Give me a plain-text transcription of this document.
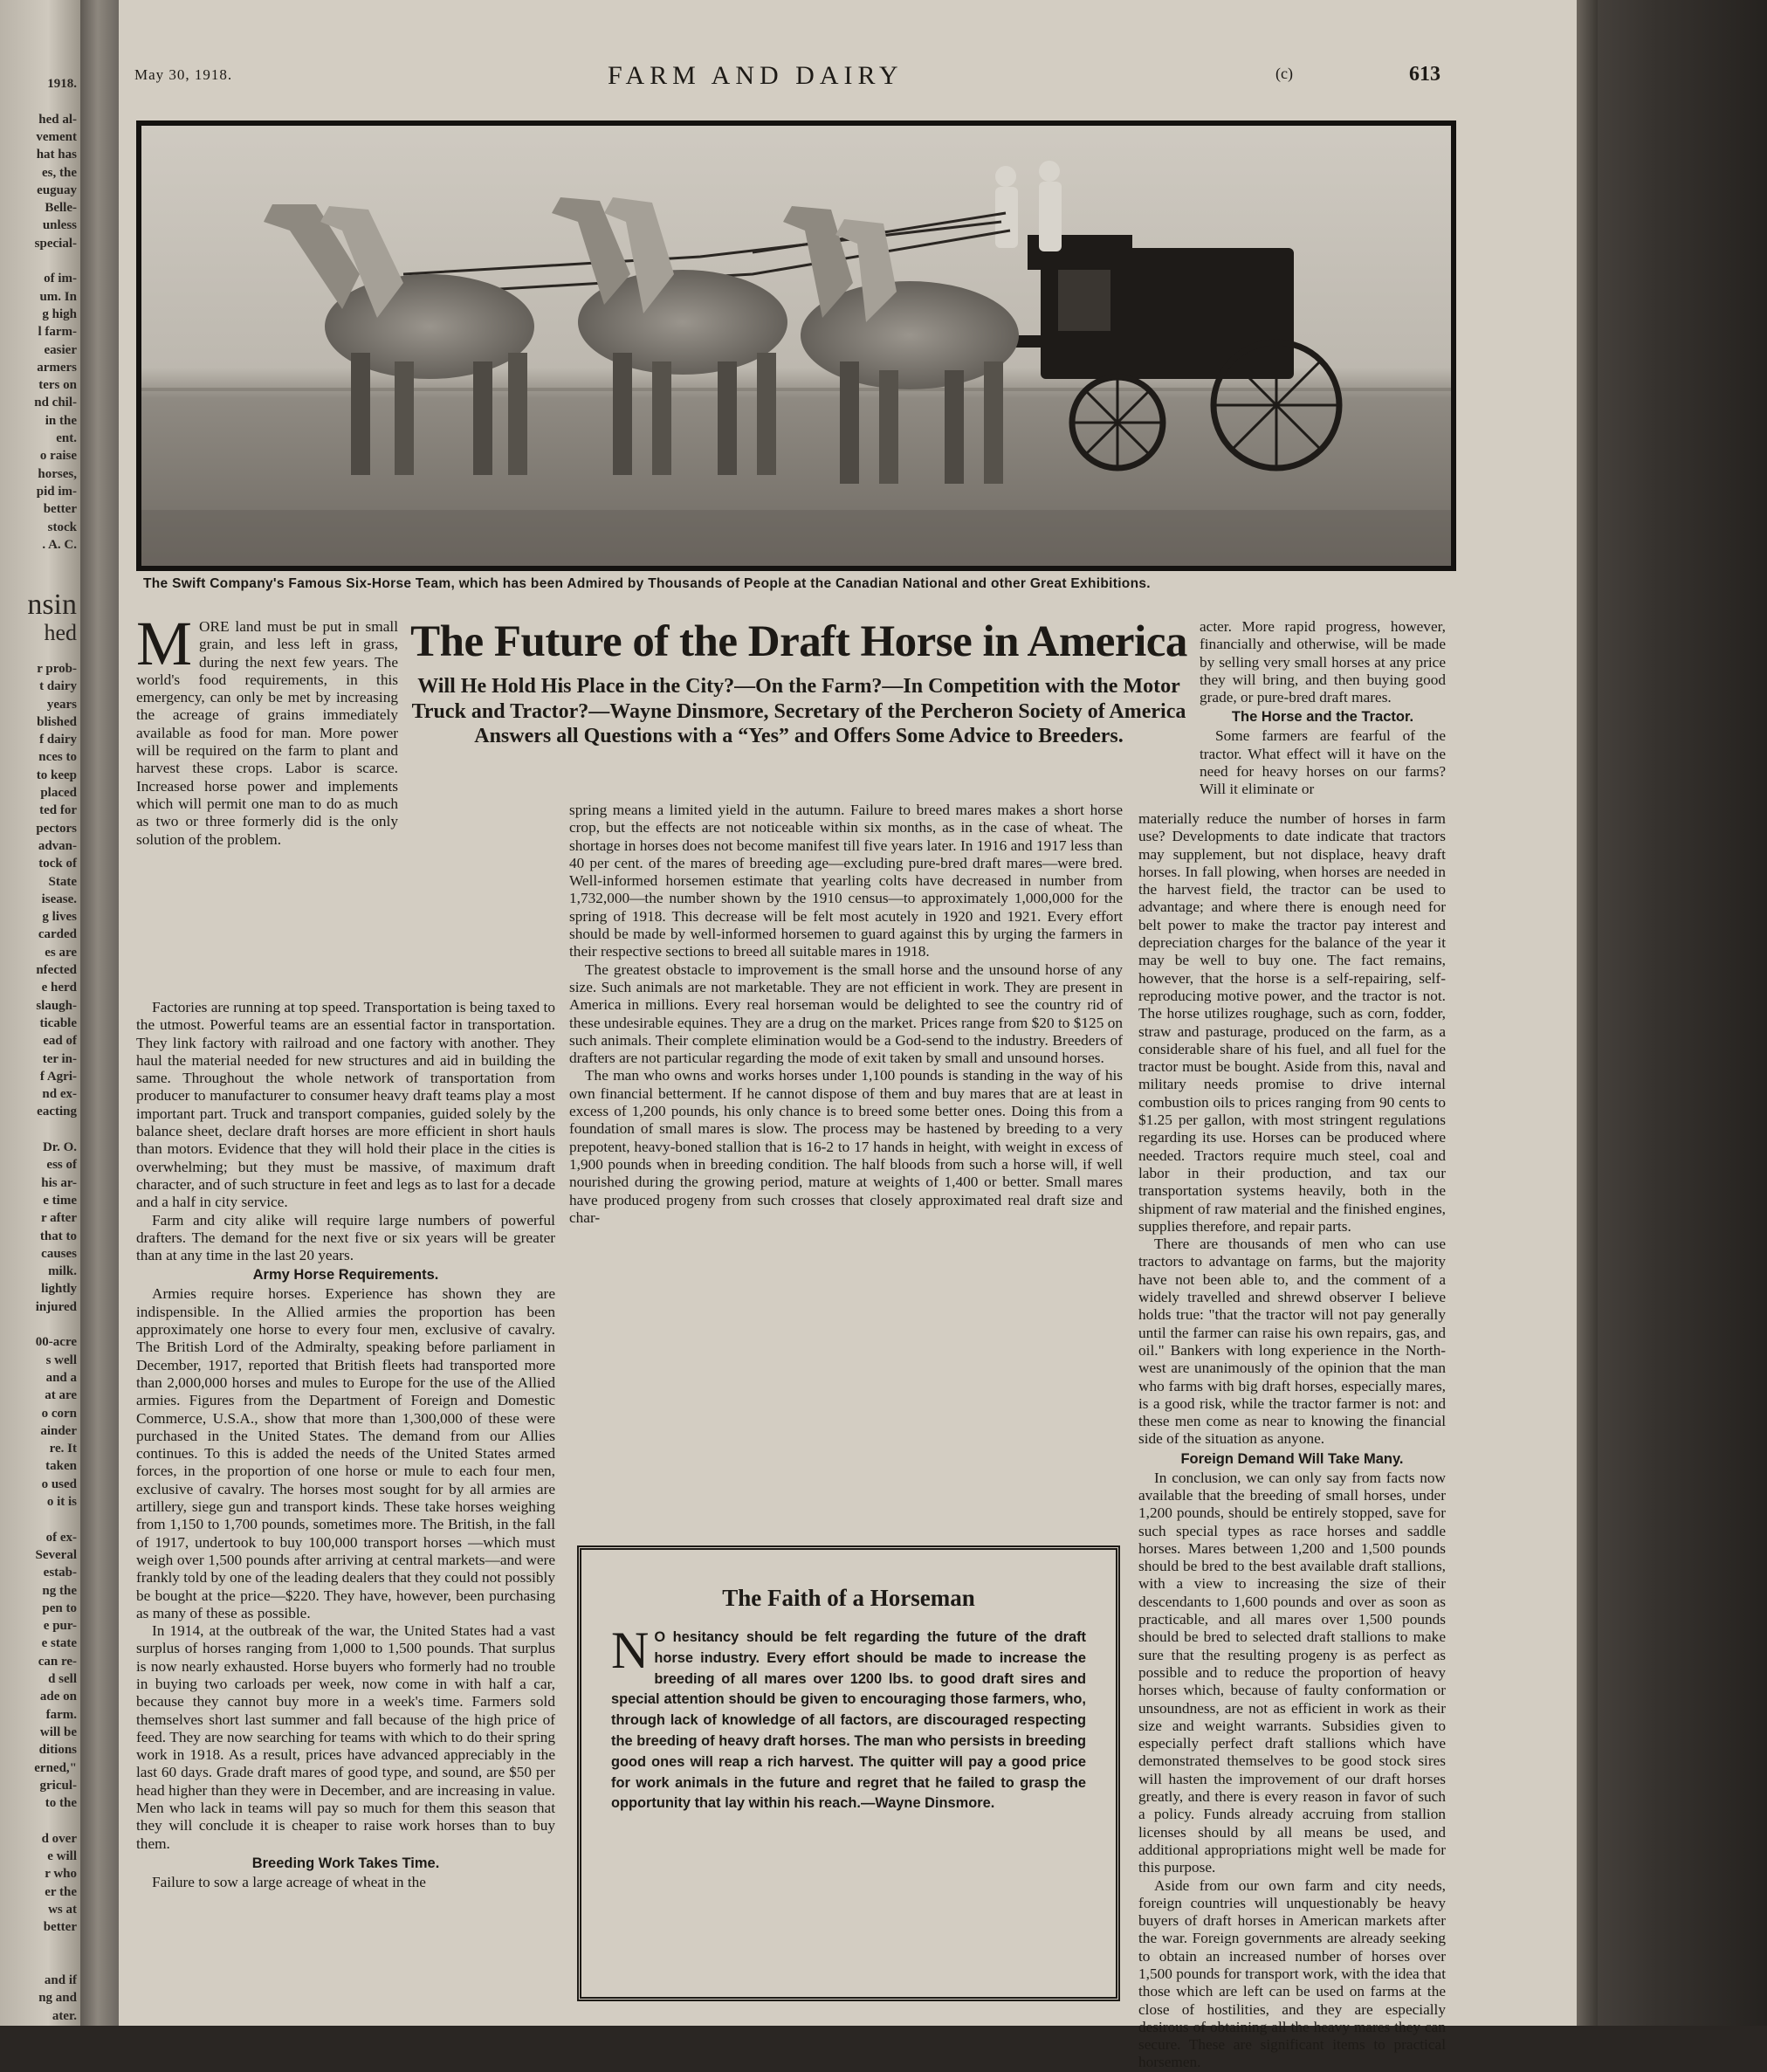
1918.
hed al-
vement
hat has
es, the
euguay
Belle-
unless
special-
of im-
um. In
g high
l farm-
easier
armers
ters on
nd chil-
in the
ent.
o raise
horses,
pid im-
better
stock
. A. C.
nsin
hed
r prob-
t dairy
years
blished
f dairy
nces to
to keep
placed
ted for
pectors
advan-
tock of
State
isease.
g lives
carded
es are
nfected
e herd
slaugh-
ticable
ead of
ter in-
f Agri-
nd ex-
eacting
Dr. O.
ess of
his ar-
e time
r after
that to
causes
milk.
lightly
injured
00-acre
s well
and a
at are
o corn
ainder
re. It
taken
o used
o it is
of ex-
Several
estab-
ng the
pen to
e pur-
e state
can re-
d sell
ade on
farm.
will be
ditions
erned,"
gricul-
to the
d over
e will
r who
er the
ws at
better
and if
ng and
ater.
May 30, 1918.	FARM AND DAIRY	(c)	613
The Swift Company's Famous Six-Horse Team, which has been Admired by Thousands of People at the Canadian National and other Great Exhibitions.

MORE land must be put in small grain, and less left in grass, during the next few years. The world's food requirements, in this emergency, can only be met by increasing the acreage of grains immediately available as food for man. More power will be required on the farm to plant and harvest these crops. Labor is scarce. Increased horse power and implements which will permit one man to do as much as two or three formerly did is the only solution of the problem.

The Future of the Draft Horse in America
Will He Hold His Place in the City?—On the Farm?—In Competition with the Motor Truck and Tractor?—Wayne Dinsmore, Secretary of the Percheron Society of America Answers all Questions with a “Yes” and Offers Some Advice to Breeders.

Factories are running at top speed. Transportation is being taxed to the utmost. Powerful teams are an essential factor in transportation. They link factory with railroad and one factory with another. They haul the material needed for new structures and aid in building the same. Throughout the whole network of transportation from producer to manufacturer to consumer heavy draft teams play a most important part. Truck and transport companies, guided solely by the balance sheet, declare draft horses are more efficient in short hauls than motors. Evidence that they will hold their place in the cities is overwhelming; but they must be massive, of maximum draft character, and of such structure in feet and legs as to last for a decade and a half in city service.

Farm and city alike will require large numbers of powerful drafters. The demand for the next five or six years will be greater than at any time in the last 20 years.

Army Horse Requirements.

Armies require horses. Experience has shown they are indispensible. In the Allied armies the proportion has been approximately one horse to every four men, exclusive of cavalry. The British Lord of the Admiralty, speaking before parliament in December, 1917, reported that British fleets had transported more than 2,000,000 horses and mules to Europe for the use of the Allied armies. Figures from the Department of Foreign and Domestic Commerce, U.S.A., show that more than 1,300,000 of these were purchased in the United States. The demand from our Allies continues. To this is added the needs of the United States armed forces, in the proportion of one horse or mule to each four men, exclusive of cavalry. The horses most sought for by all armies are artillery, siege gun and transport kinds. These take horses weighing from 1,150 to 1,700 pounds, sometimes more. The British, in the fall of 1917, undertook to buy 100,000 transport horses —which must weigh over 1,500 pounds after arriving at central markets—and were frankly told by one of the leading dealers that they could not possibly be bought at the price—$220. They have, however, been purchasing as many of these as possible.

In 1914, at the outbreak of the war, the United States had a vast surplus of horses ranging from 1,000 to 1,500 pounds. That surplus is now nearly exhausted. Horse buyers who formerly had no trouble in buying two carloads per week, now come in with half a car, because they cannot buy more in a week's time. Farmers sold themselves short last summer and fall because of the high price of feed. They are now searching for teams with which to do their spring work in 1918. As a result, prices have advanced appreciably in the last 60 days. Grade draft mares of good type, and sound, are $50 per head higher than they were in December, and are increasing in value. Men who lack in teams will pay so much for them this season that they will conclude it is cheaper to raise work horses than to buy them.

Breeding Work Takes Time.

Failure to sow a large acreage of wheat in the

spring means a limited yield in the autumn. Failure to breed mares makes a short horse crop, but the effects are not noticeable within six months, as in the case of wheat. The shortage in horses does not become manifest till five years later. In 1916 and 1917 less than 40 per cent. of the mares of breeding age—excluding pure-bred draft mares—were bred. Well-informed horsemen estimate that yearling colts have decreased in number from 1,732,000—the number shown by the 1910 census—to approximately 1,000,000 for the spring of 1918. This decrease will be felt most acutely in 1920 and 1921. Every effort should be made by well-informed horsemen to guard against this by urging the farmers in their respective sections to breed all suitable mares in 1918.

The greatest obstacle to improvement is the small horse and the unsound horse of any size. Such animals are not marketable. They are not efficient in work. They are present in America in millions. Every real horseman would be delighted to see the country rid of these undesirable equines. They are a drug on the market. Prices range from $20 to $125 on such animals. Their complete elimination would be a God-send to the industry. Breeders of drafters are not particular regarding the mode of exit taken by small and unsound horses.

The man who owns and works horses under 1,100 pounds is standing in the way of his own financial betterment. If he cannot dispose of them and buy mares that are at least in excess of 1,200 pounds, his only chance is to breed some better ones. Doing this from a foundation of small mares is slow. The process may be hastened by breeding to a very prepotent, heavy-boned stallion that is 16-2 to 17 hands in height, with weight in excess of 1,900 pounds when in breeding condition. The half bloods from such a horse will, if well nourished during the growing period, mature at weights of 1,400 or better. Small mares have produced progeny from such crosses that closely approximated real draft size and char-

acter. More rapid progress, however, financially and otherwise, will be made by selling very small horses at any price they will bring, and then buying good grade, or pure-bred draft mares.

The Horse and the Tractor.

Some farmers are fearful of the tractor. What effect will it have on the need for heavy horses on our farms? Will it eliminate or

materially reduce the number of horses in farm use? Developments to date indicate that tractors may supplement, but not displace, heavy draft horses. In fall plowing, when horses are needed in the harvest field, the tractor can be used to advantage; and where there is enough need for belt power to make the tractor pay interest and depreciation charges for the balance of the year it may be well to buy one. The fact remains, however, that the horse is a self-repairing, self-reproducing motive power, and the tractor is not. The horse utilizes roughage, such as corn, fodder, straw and pasturage, produced on the farm, as a considerable share of his fuel, and all fuel for the tractor must be bought. Aside from this, naval and military needs promise to drive internal combustion oils to prices ranging from 90 cents to $1.25 per gallon, with most stringent regulations regarding its use. Horses can be produced where needed. Tractors require much steel, coal and labor in their production, and tax our transportation systems heavily, both in the shipment of raw material and the finished engines, supplies therefore, and repair parts.

There are thousands of men who can use tractors to advantage on farms, but the majority have not been able to, and the comment of a widely travelled and shrewd observer I believe holds true: "that the tractor will not pay generally until the farmer can raise his own repairs, gas, and oil." Bankers with long experience in the North-west are unanimously of the opinion that the man who farms with big draft horses, especially mares, is a good risk, while the tractor farmer is not: and these men come as near to knowing the financial side of the situation as anyone.

Foreign Demand Will Take Many.

In conclusion, we can only say from facts now available that the breeding of small horses, under 1,200 pounds, should be entirely stopped, save for such special types as race horses and saddle horses. Mares between 1,200 and 1,500 pounds should be bred to the best available draft stallions, with a view to increasing the size of their descendants to 1,600 pounds and over as soon as practicable, and all mares over 1,500 pounds should be bred to selected draft stallions to make sure that the resulting progeny is as perfect as possible and to reduce the proportion of heavy horses which, because of faulty conformation or unsoundness, are not as efficient in work as their size and weight warrants. Subsidies given to especially perfect draft stallions which have demonstrated themselves to be good stock sires will hasten the improvement of our draft horses greatly, and there is every reason in favor of such a policy. Funds already accruing from stallion licenses should by all means be used, and additional appropriations might well be made for this purpose.

Aside from our own farm and city needs, foreign countries will unquestionably be heavy buyers of draft horses in American markets after the war. Foreign governments are already seeking to obtain an increased number of horses over 1,500 pounds for transport work, with the idea that those which are left can be used on farms at the close of hostilities, and they are especially desirous of obtaining all the heavy mares they can secure. These are significant items to practical horsemen.

The Faith of a Horseman
N O hesitancy should be felt regarding the future of the draft horse industry. Every effort should be made to increase the breeding of all mares over 1200 lbs. to good draft sires and special attention should be given to encouraging those farmers, who, through lack of knowledge of all factors, are discouraged respecting the breeding of heavy draft horses. The man who persists in breeding good ones will reap a rich harvest. The quitter will pay a good price for work animals in the future and regret that he failed to grasp the opportunity that lay within his reach.—Wayne Dinsmore.
